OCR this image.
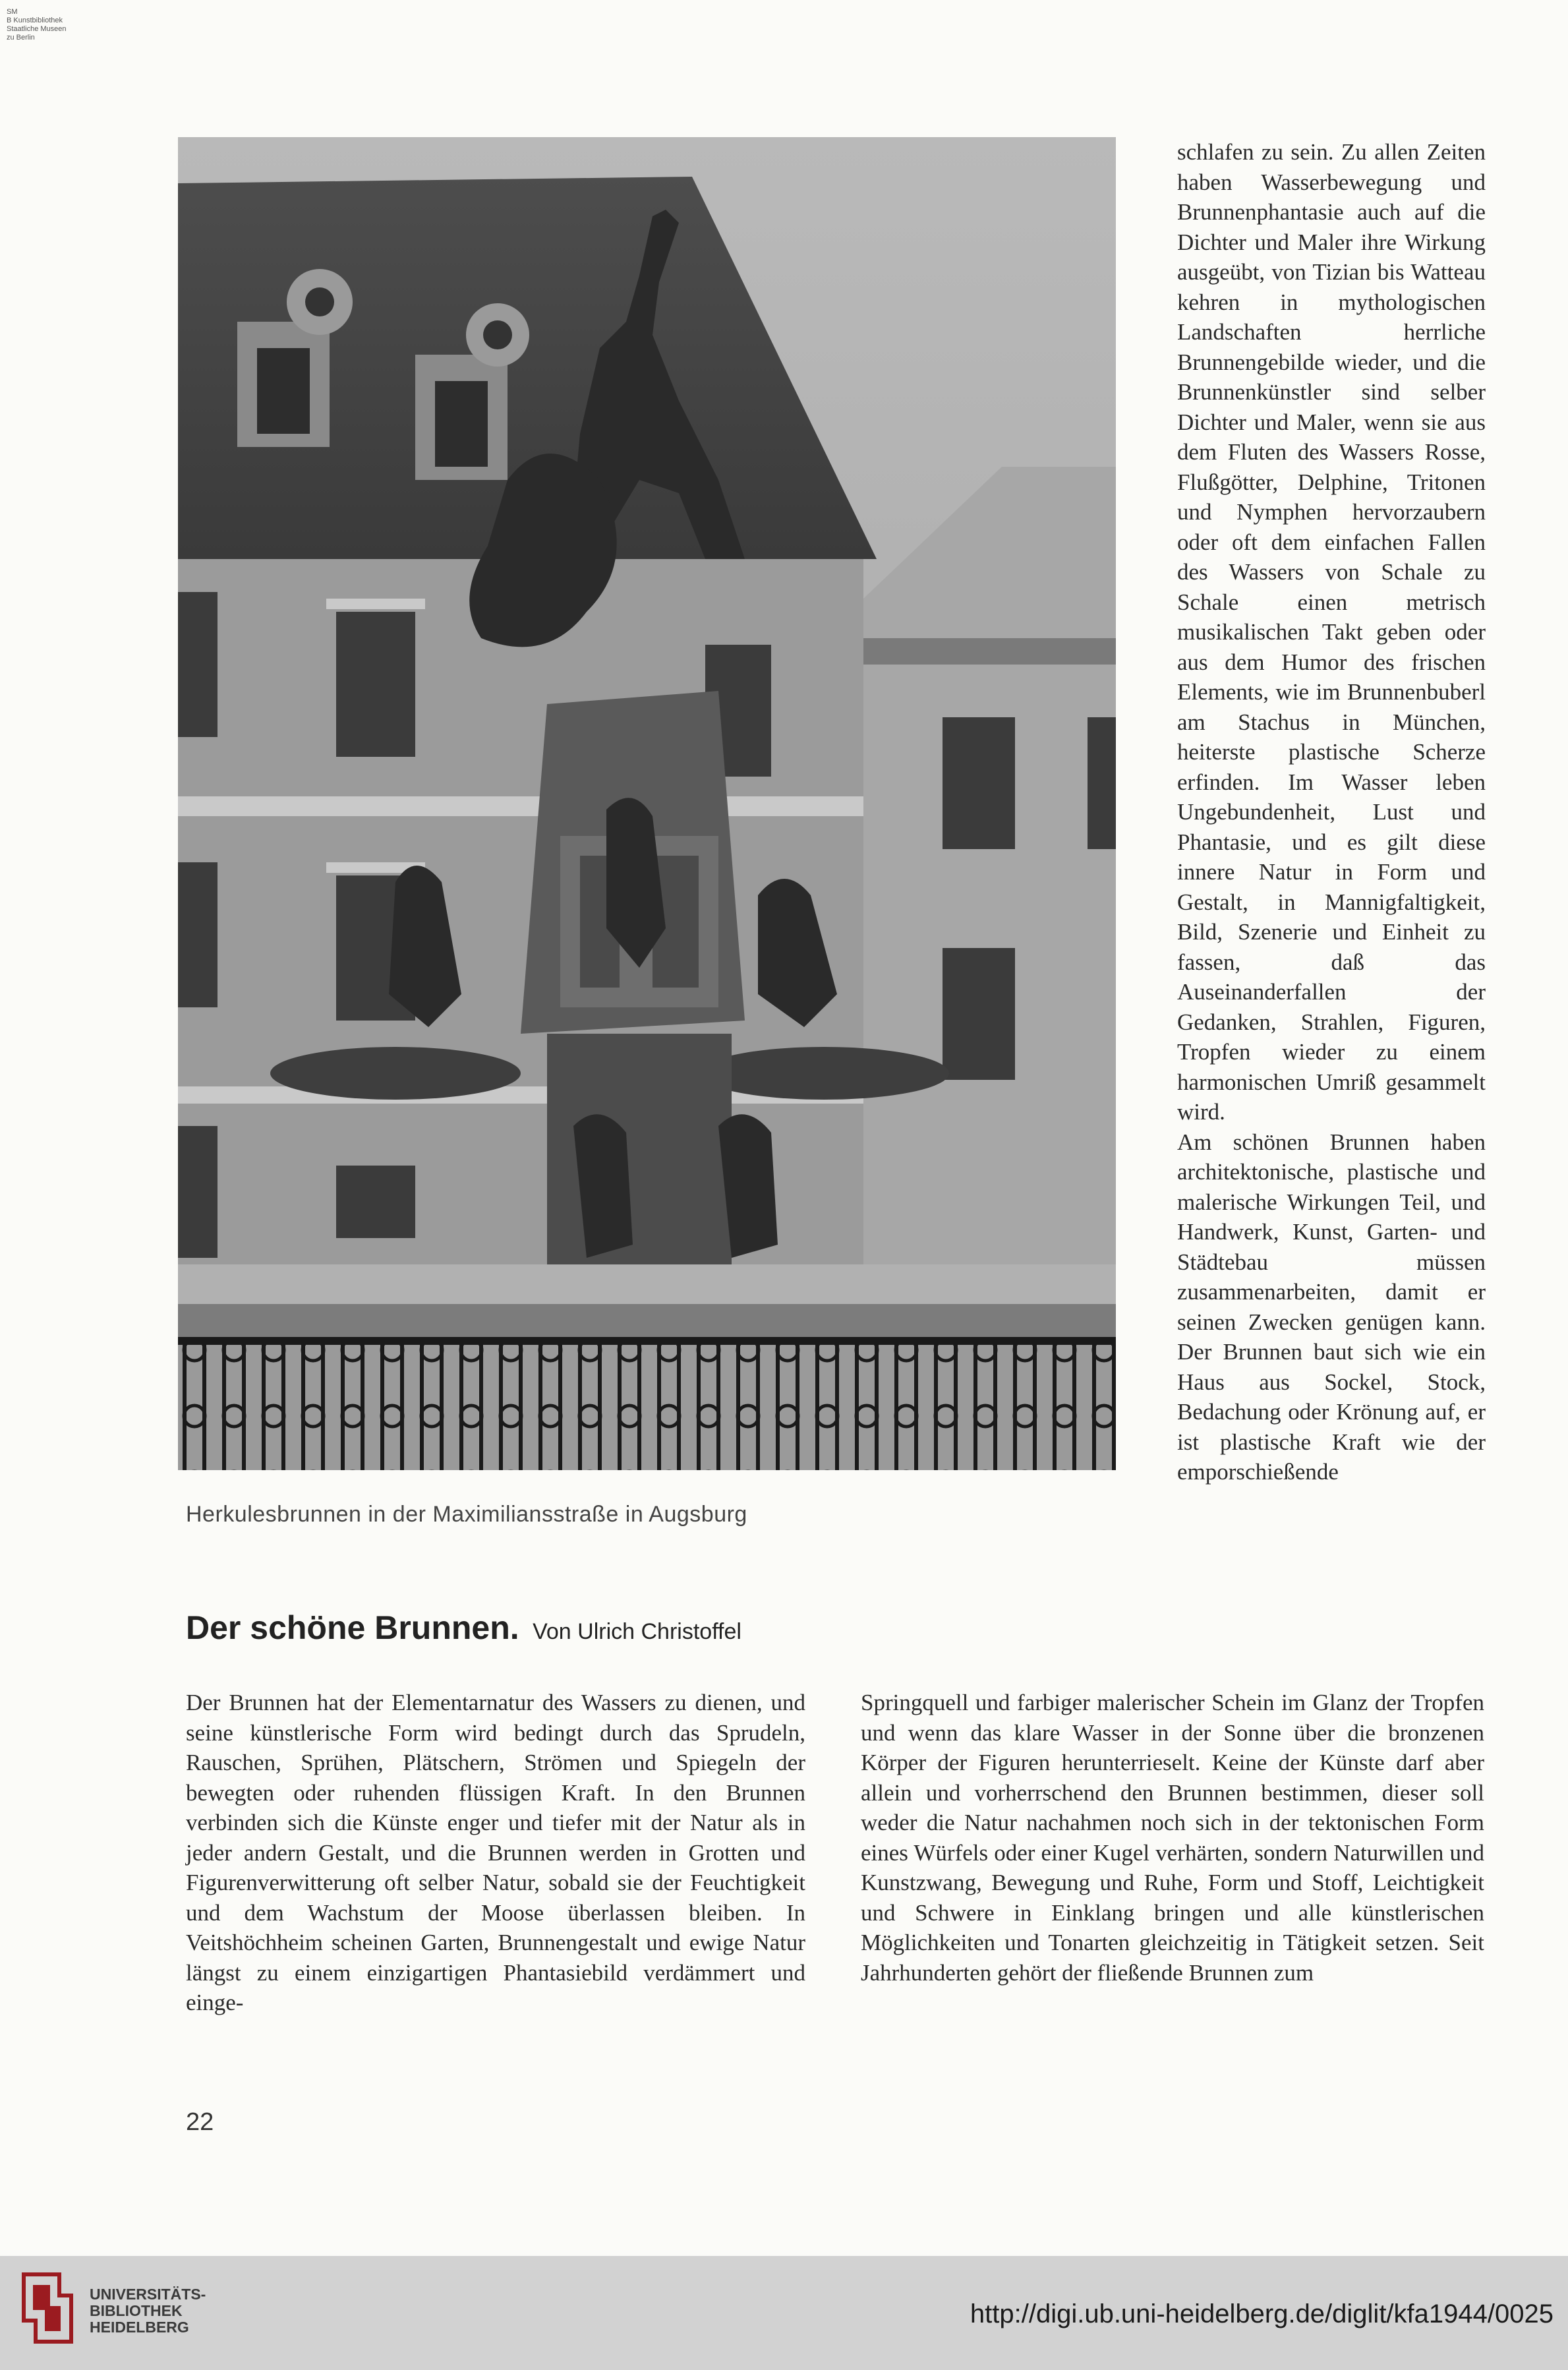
SM
B Kunstbibliothek
Staatliche Museen
zu Berlin
Herkulesbrunnen in der Maximiliansstraße in Augsburg

schlafen zu sein. Zu allen Zeiten haben Wasserbewegung und Brunnenphantasie auch auf die Dichter und Maler ihre Wirkung ausgeübt, von Tizian bis Watteau kehren in mythologischen Landschaften herrliche Brunnengebilde wieder, und die Brunnenkünstler sind selber Dichter und Maler, wenn sie aus dem Fluten des Wassers Rosse, Flußgötter, Delphine, Tritonen und Nymphen hervorzaubern oder oft dem einfachen Fallen des Wassers von Schale zu Schale einen metrisch musikalischen Takt geben oder aus dem Humor des frischen Elements, wie im Brunnenbuberl am Stachus in München, heiterste plastische Scherze erfinden. Im Wasser leben Ungebundenheit, Lust und Phantasie, und es gilt diese innere Natur in Form und Gestalt, in Mannigfaltigkeit, Bild, Szenerie und Einheit zu fassen, daß das Auseinanderfallen der Gedanken, Strahlen, Figuren, Tropfen wieder zu einem harmonischen Umriß gesammelt wird.

Am schönen Brunnen haben architektonische, plastische und malerische Wirkungen Teil, und Handwerk, Kunst, Garten- und Städtebau müssen zusammenarbeiten, damit er seinen Zwecken genügen kann. Der Brunnen baut sich wie ein Haus aus Sockel, Stock, Bedachung oder Krönung auf, er ist plastische Kraft wie der emporschießende

Der schöne Brunnen. Von Ulrich Christoffel

Der Brunnen hat der Elementarnatur des Wassers zu dienen, und seine künstlerische Form wird bedingt durch das Sprudeln, Rauschen, Sprühen, Plätschern, Strömen und Spiegeln der bewegten oder ruhenden flüssigen Kraft. In den Brunnen verbinden sich die Künste enger und tiefer mit der Natur als in jeder andern Gestalt, und die Brunnen werden in Grotten und Figurenverwitterung oft selber Natur, sobald sie der Feuchtigkeit und dem Wachstum der Moose überlassen bleiben. In Veitshöchheim scheinen Garten, Brunnengestalt und ewige Natur längst zu einem einzigartigen Phantasiebild verdämmert und einge-

Springquell und farbiger malerischer Schein im Glanz der Tropfen und wenn das klare Wasser in der Sonne über die bronzenen Körper der Figuren herunterrieselt. Keine der Künste darf aber allein und vorherrschend den Brunnen bestimmen, dieser soll weder die Natur nachahmen noch sich in der tektonischen Form eines Würfels oder einer Kugel verhärten, sondern Naturwillen und Kunstzwang, Bewegung und Ruhe, Form und Stoff, Leichtigkeit und Schwere in Einklang bringen und alle künstlerischen Möglichkeiten und Tonarten gleichzeitig in Tätigkeit setzen. Seit Jahrhunderten gehört der fließende Brunnen zum

22
UNIVERSITÄTS-
BIBLIOTHEK
HEIDELBERG	http://digi.ub.uni-heidelberg.de/diglit/kfa1944/0025
